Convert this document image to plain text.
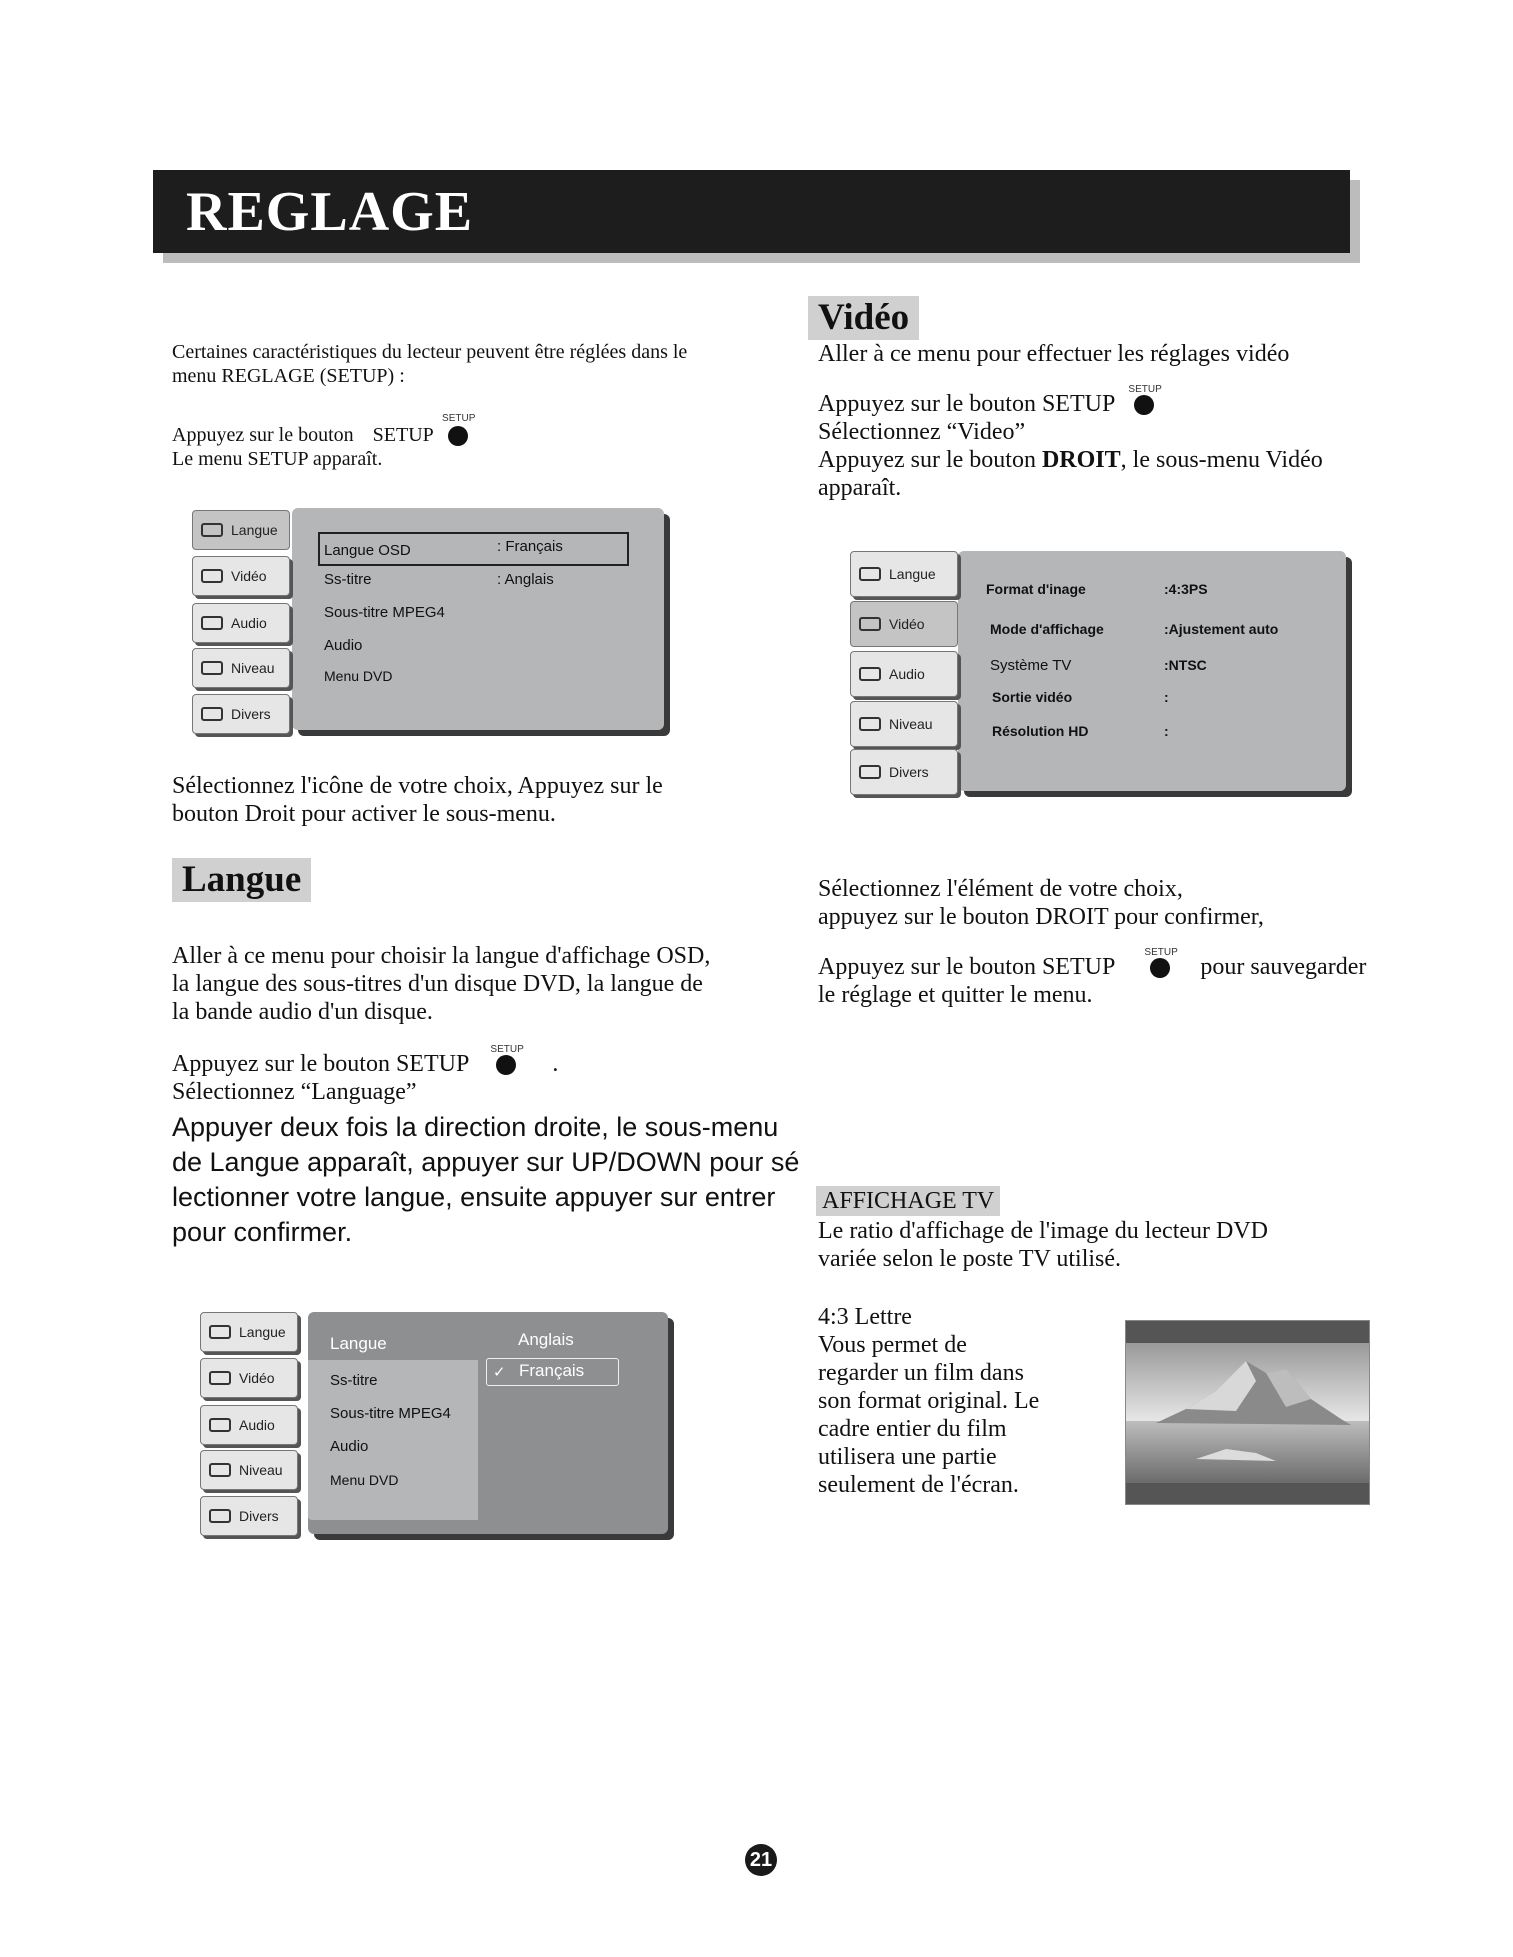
REGLAGE
Certaines caractéristiques du lecteur peuvent être réglées dans le
menu REGLAGE (SETUP) :
Appuyez sur le bouton SETUP
SETUP
Le menu SETUP apparaît.
Langue OSD
Ss-titre
Sous-titre MPEG4
Audio
Menu DVD
: Français
: Anglais
Langue
Vidéo
Audio
Niveau
Divers
Sélectionnez l'icône de votre choix, Appuyez sur le
bouton Droit pour activer le sous-menu.
Langue
Aller à ce menu pour choisir la langue d'affichage OSD,
la langue des sous-titres d'un disque DVD, la langue de
la bande audio d'un disque.
Appuyez sur le bouton SETUP
SETUP
.
Sélectionnez “Language”
Appuyer deux fois la direction droite, le sous-menu
de Langue apparaît, appuyer sur UP/DOWN pour sé
lectionner votre langue, ensuite appuyer sur entrer
pour confirmer.
Langue
Ss-titre
Sous-titre MPEG4
Audio
Menu DVD
Anglais
✓ Français
Langue
Vidéo
Audio
Niveau
Divers
Vidéo
Aller à ce menu pour effectuer les réglages vidéo
Appuyez sur le bouton SETUP
SETUP
Sélectionnez “Video”
Appuyez sur le bouton DROIT, le sous-menu Vidéo
apparaît.
Format d'inage
Mode d'affichage
Système TV
Sortie vidéo
Résolution HD
:4:3PS
:Ajustement auto
:NTSC
:
:
Langue
Vidéo
Audio
Niveau
Divers
Sélectionnez l'élément de votre choix,
appuyez sur le bouton DROIT pour confirmer,
Appuyez sur le bouton SETUP
SETUP
pour sauvegarder
le réglage et quitter le menu.
AFFICHAGE TV
Le ratio d'affichage de l'image du lecteur DVD
variée selon le poste TV utilisé.
4:3 Lettre
Vous permet de
regarder un film dans
son format original. Le
cadre entier du film
utilisera une partie
seulement de l'écran.
21
